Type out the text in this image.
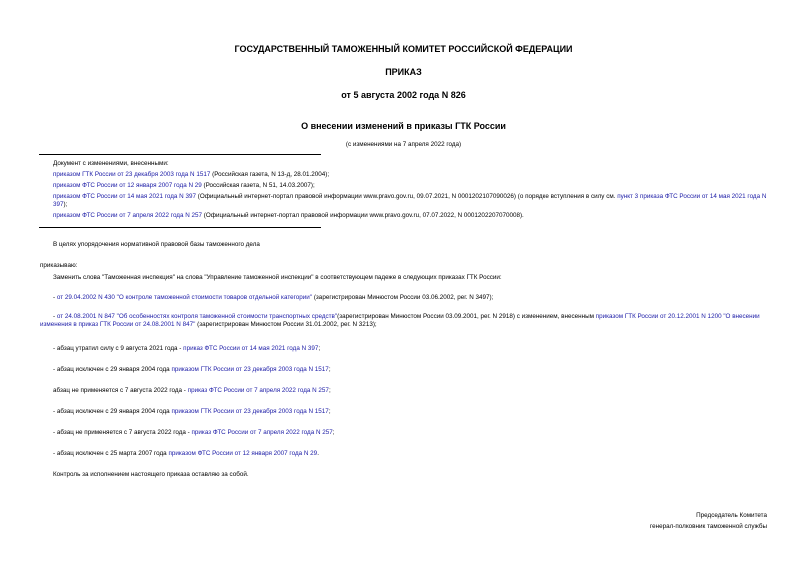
ГОСУДАРСТВЕННЫЙ ТАМОЖЕННЫЙ КОМИТЕТ РОССИЙСКОЙ ФЕДЕРАЦИИ
ПРИКАЗ
от 5 августа 2002 года N 826
О внесении изменений в приказы ГТК России
(с изменениями на 7 апреля 2022 года)
Документ с изменениями, внесенными:
приказом ГТК России от 23 декабря 2003 года N 1517 (Российская газета, N 13-д, 28.01.2004);
приказом ФТС России от 12 января 2007 года N 29 (Российская газета, N 51, 14.03.2007);
приказом ФТС России от 14 мая 2021 года N 397 (Официальный интернет-портал правовой информации www.pravo.gov.ru, 09.07.2021, N 0001202107090026) (о порядке вступления в силу см. пункт 3 приказа ФТС России от 14 мая 2021 года N 397);
приказом ФТС России от 7 апреля 2022 года N 257 (Официальный интернет-портал правовой информации www.pravo.gov.ru, 07.07.2022, N 0001202207070008).
В целях упорядочения нормативной правовой базы таможенного дела
приказываю:
Заменить слова "Таможенная инспекция" на слова "Управление таможенной инспекции" в соответствующем падеже в следующих приказах ГТК России:
- от 29.04.2002 N 430 "О контроле таможенной стоимости товаров отдельной категории" (зарегистрирован Минюстом России 03.06.2002, рег. N 3497);
- от 24.08.2001 N 847 "Об особенностях контроля таможенной стоимости транспортных средств"(зарегистрирован Минюстом России 03.09.2001, рег. N 2918) с изменением, внесенным приказом ГТК России от 20.12.2001 N 1200 "О внесении изменения в приказ ГТК России от 24.08.2001 N 847" (зарегистрирован Минюстом России 31.01.2002, рег. N 3213);
- абзац утратил силу с 9 августа 2021 года - приказ ФТС России от 14 мая 2021 года N 397;
- абзац исключен с 29 января 2004 года приказом ГТК России от 23 декабря 2003 года N 1517;
абзац не применяется с 7 августа 2022 года - приказ ФТС России от 7 апреля 2022 года N 257;
- абзац исключен с 29 января 2004 года приказом ГТК России от 23 декабря 2003 года N 1517;
- абзац не применяется с 7 августа 2022 года - приказ ФТС России от 7 апреля 2022 года N 257;
- абзац исключен с 25 марта 2007 года приказом ФТС России от 12 января 2007 года N 29.
Контроль за исполнением настоящего приказа оставляю за собой.
Председатель Комитета
генерал-полковник таможенной службы
